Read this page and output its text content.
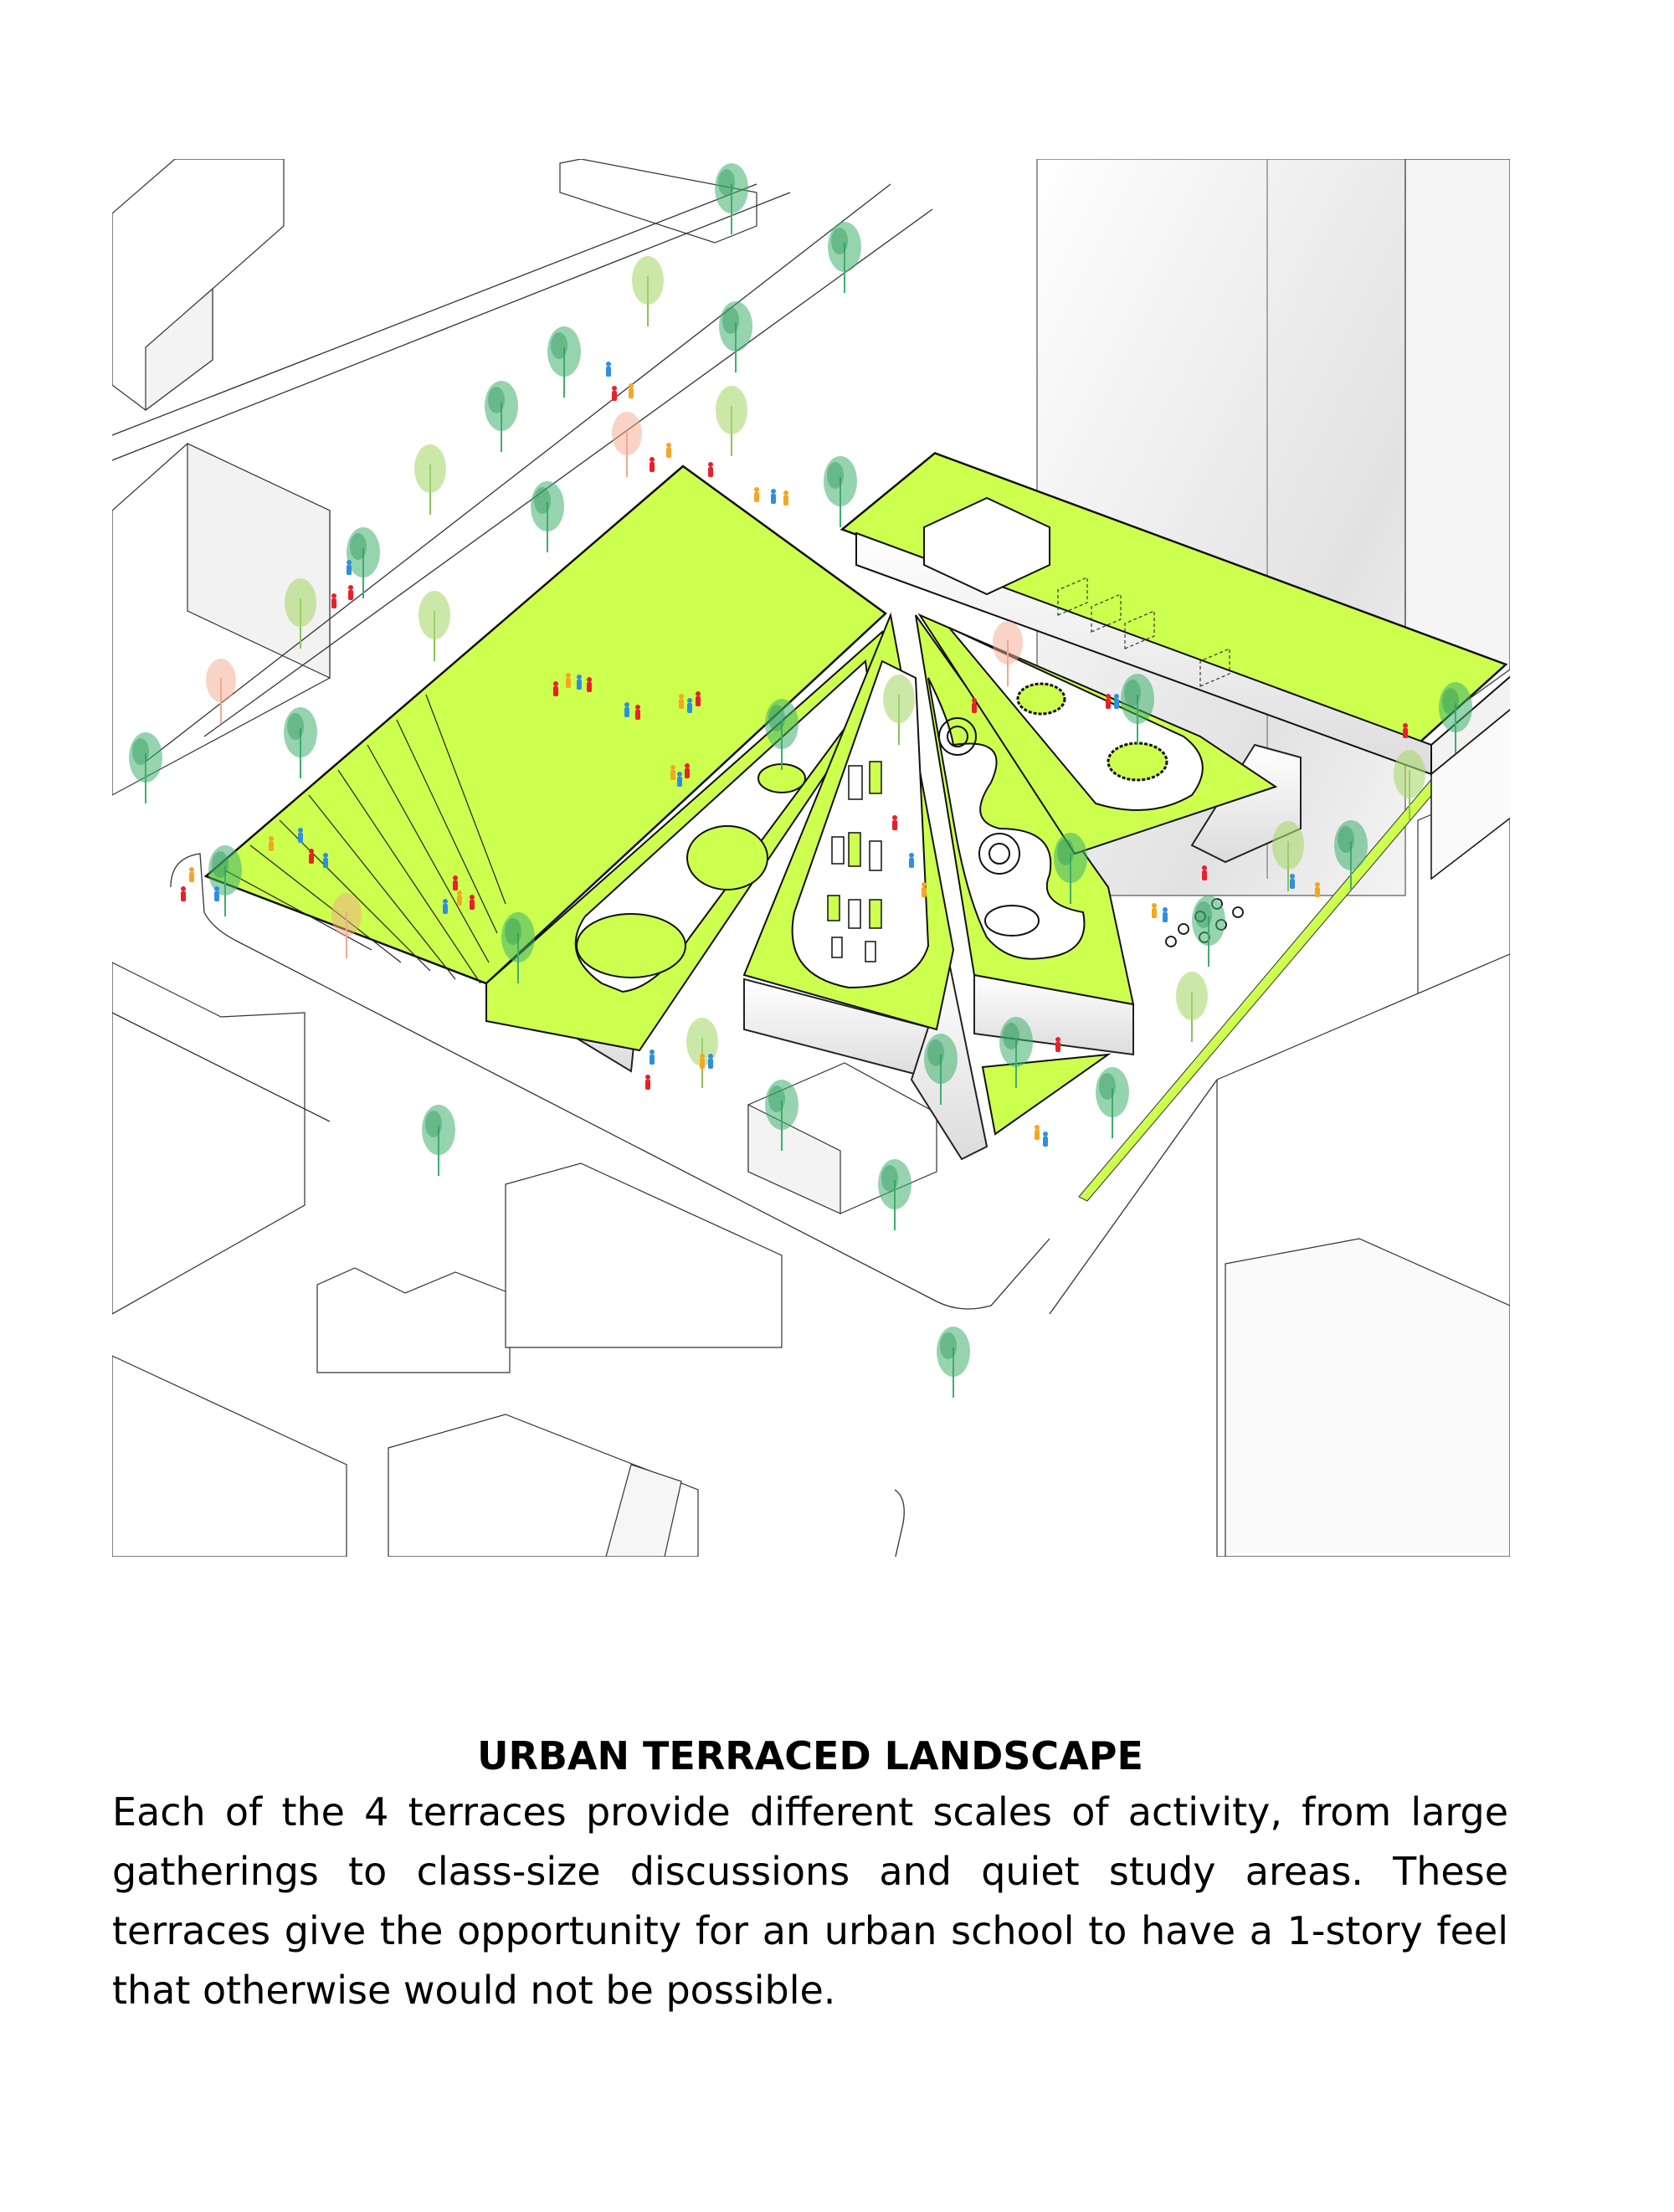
URBAN TERRACED LANDSCAPE
Each of the 4 terraces provide different scales of activity, from large gatherings to class-size discussions and quiet study areas. These terraces give the opportunity for an urban school to have a 1-story feel that otherwise would not be possible.
